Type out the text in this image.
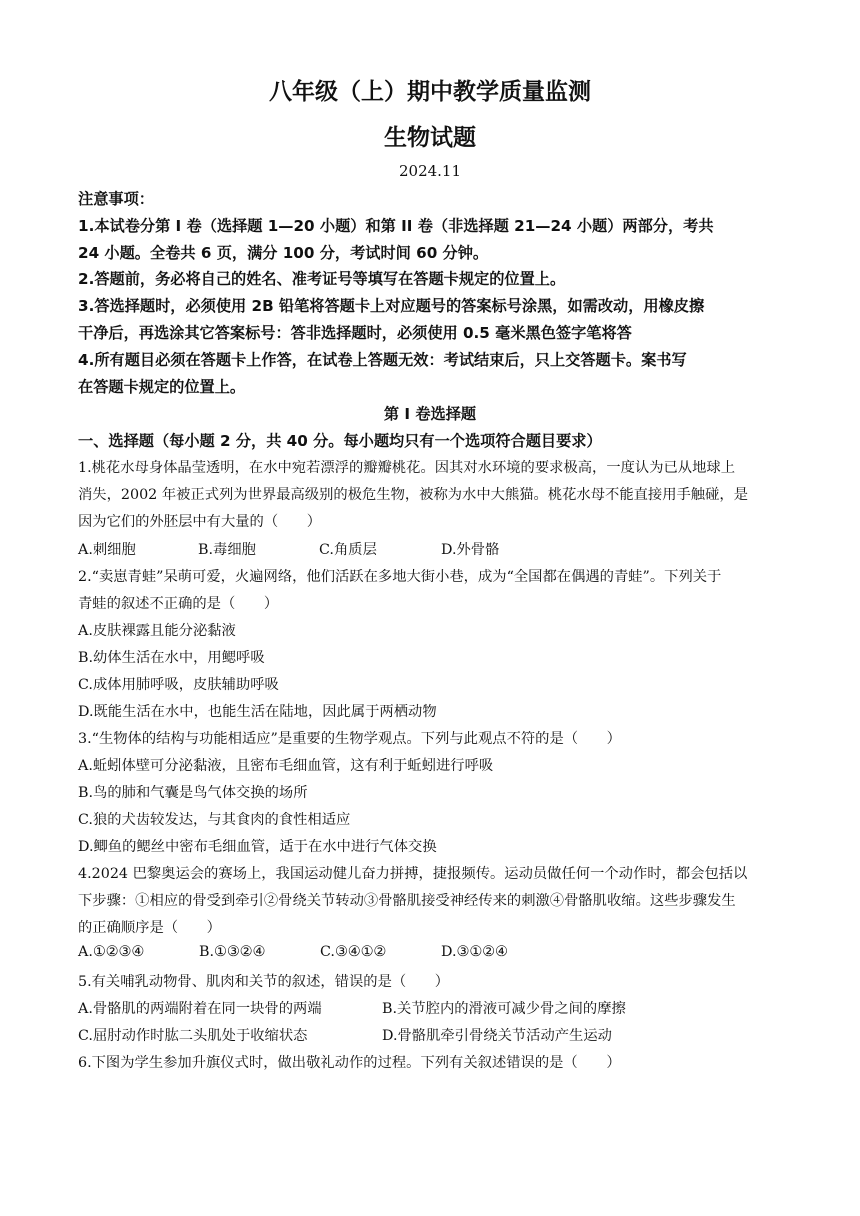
八年级（上）期中教学质量监测
生物试题
2024.11
注意事项：
1.本试卷分第 I 卷（选择题 1—20 小题）和第 II 卷（非选择题 21—24 小题）两部分，考共
24 小题。全卷共 6 页，满分 100 分，考试时间 60 分钟。
2.答题前，务必将自己的姓名、准考证号等填写在答题卡规定的位置上。
3.答选择题时，必须使用 2B 铅笔将答题卡上对应题号的答案标号涂黑，如需改动，用橡皮擦
干净后，再选涂其它答案标号：答非选择题时，必须使用 0.5 毫米黑色签字笔将答
4.所有题目必须在答题卡上作答，在试卷上答题无效：考试结束后，只上交答题卡。案书写
在答题卡规定的位置上。
第 I 卷选择题
一、选择题（每小题 2 分，共 40 分。每小题均只有一个选项符合题目要求）
1.桃花水母身体晶莹透明，在水中宛若漂浮的瓣瓣桃花。因其对水环境的要求极高，一度认为已从地球上
消失，2002 年被正式列为世界最高级别的极危生物，被称为水中大熊猫。桃花水母不能直接用手触碰，是
因为它们的外胚层中有大量的（　　）
A.刺细胞	B.毒细胞	C.角质层	D.外骨骼
2.“卖崽青蛙”呆萌可爱，火遍网络，他们活跃在多地大街小巷，成为“全国都在偶遇的青蛙”。下列关于
青蛙的叙述不正确的是（　　）
A.皮肤裸露且能分泌黏液
B.幼体生活在水中，用鳃呼吸
C.成体用肺呼吸，皮肤辅助呼吸
D.既能生活在水中，也能生活在陆地，因此属于两栖动物
3.“生物体的结构与功能相适应”是重要的生物学观点。下列与此观点不符的是（　　）
A.蚯蚓体壁可分泌黏液，且密布毛细血管，这有利于蚯蚓进行呼吸
B.鸟的肺和气囊是鸟气体交换的场所
C.狼的犬齿较发达，与其食肉的食性相适应
D.鲫鱼的鳃丝中密布毛细血管，适于在水中进行气体交换
4.2024 巴黎奥运会的赛场上，我国运动健儿奋力拼搏，捷报频传。运动员做任何一个动作时，都会包括以
下步骤：①相应的骨受到牵引②骨绕关节转动③骨骼肌接受神经传来的刺激④骨骼肌收缩。这些步骤发生
的正确顺序是（　　）
A.①②③④	B.①③②④	C.③④①②	D.③①②④
5.有关哺乳动物骨、肌肉和关节的叙述，错误的是（　　）
A.骨骼肌的两端附着在同一块骨的两端	B.关节腔内的滑液可减少骨之间的摩擦
C.屈肘动作时肱二头肌处于收缩状态	D.骨骼肌牵引骨绕关节活动产生运动
6.下图为学生参加升旗仪式时，做出敬礼动作的过程。下列有关叙述错误的是（　　）
